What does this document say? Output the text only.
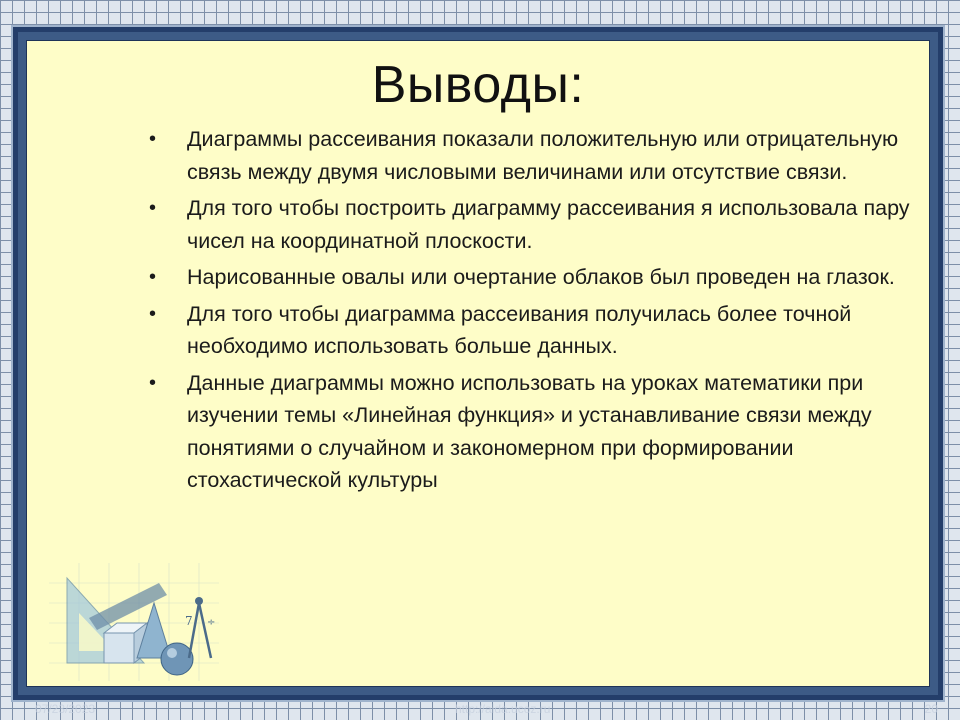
Выводы:
• Диаграммы рассеивания показали положительную или отрицательную связь между двумя числовыми величинами или отсутствие связи.
• Для того чтобы построить диаграмму рассеивания я использовала пару чисел на координатной плоскости.
• Нарисованные овалы или очертание облаков был проведен на глазок.
• Для того чтобы диаграмма рассеивания получилась более точной необходимо использовать больше данных.
• Данные диаграммы можно использовать на уроках математики при изучении темы «Линейная функция» и устанавливание связи между понятиями о случайном и закономерном при формировании стохастической культуры
7 ÷
07/23/2023	http://aida.ucoz.ru	20
